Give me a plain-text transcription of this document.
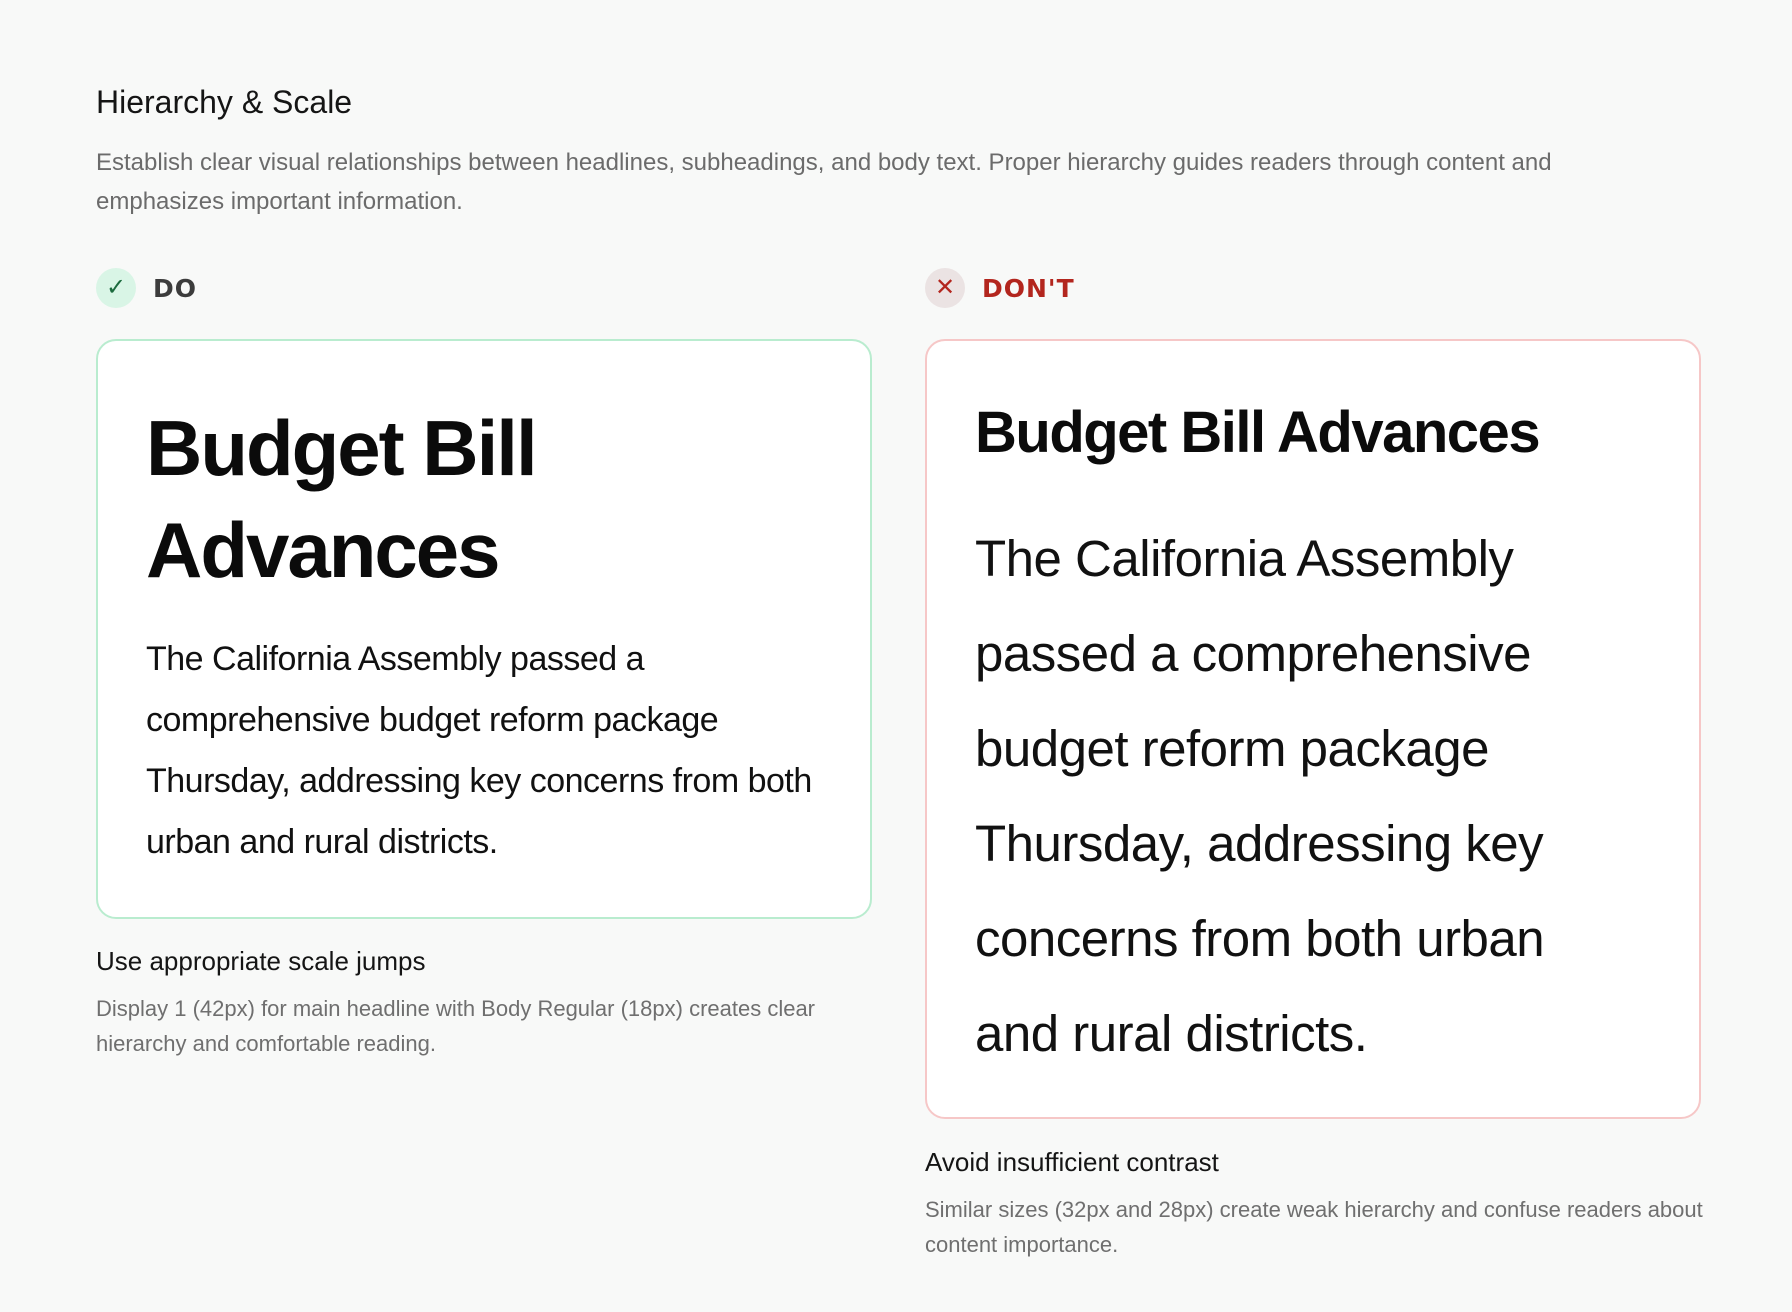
Hierarchy & Scale
Establish clear visual relationships between headlines, subheadings, and body text. Proper hierarchy guides readers through content and emphasizes important information.
✓	DO
Budget Bill Advances
The California Assembly passed a comprehensive budget reform package Thursday, addressing key concerns from both urban and rural districts.
Use appropriate scale jumps
Display 1 (42px) for main headline with Body Regular (18px) creates clear hierarchy and comfortable reading.
✕	DON'T
Budget Bill Advances
The California Assembly passed a comprehensive budget reform package Thursday, addressing key concerns from both urban and rural districts.
Avoid insufficient contrast
Similar sizes (32px and 28px) create weak hierarchy and confuse readers about content importance.
